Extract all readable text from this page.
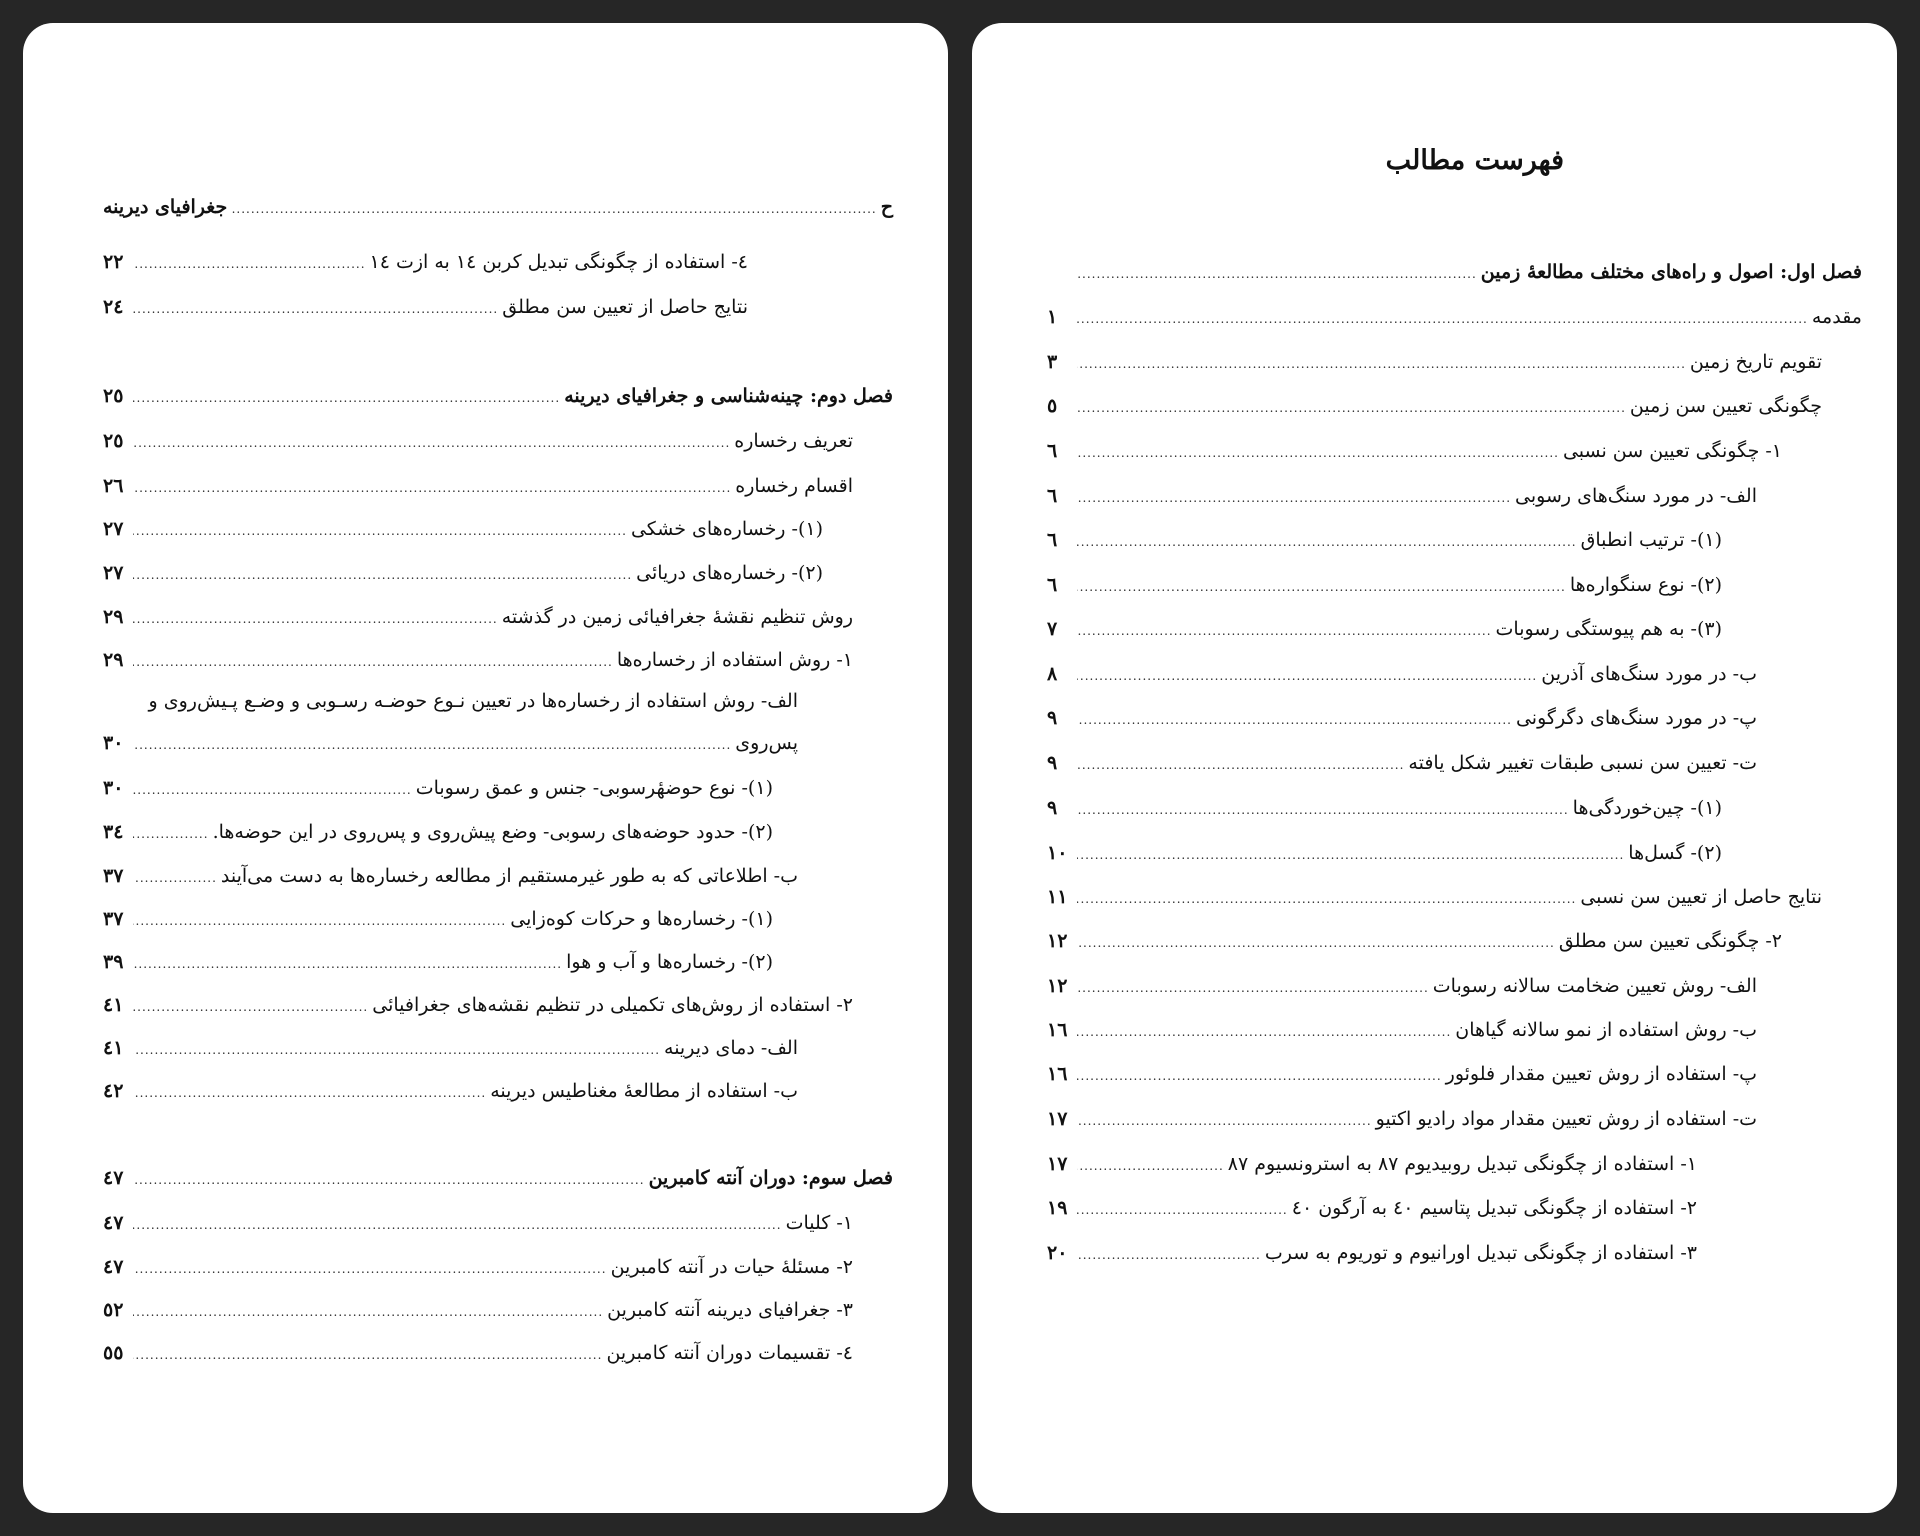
ح
.....
جغرافیای دیرینه
٤- استفاده از چگونگی تبدیل کربن ١٤ به ازت ١٤
.....
٢٢
نتایج حاصل از تعیین سن مطلق
.....
٢٤
فصل دوم: چینه‌شناسی و جغرافیای دیرینه
.....
٢٥
تعریف رخساره
.....
٢٥
اقسام رخساره
.....
٢٦
(١)- رخساره‌های خشکی
.....
٢٧
(٢)- رخساره‌های دریائی
.....
٢٧
روش تنظیم نقشهٔ جغرافیائی زمین در گذشته
.....
٢٩
١- روش استفاده از رخساره‌ها
.....
٢٩
الف- روش استفاده از رخساره‌ها در تعیین نـوع حوضـه رسـوبی و وضـع پـیش‌روی و
پس‌روی
.....
٣٠
(١)- نوع حوضهٔرسوبی- جنس و عمق رسوبات
.....
٣٠
(٢)- حدود حوضه‌های رسوبی- وضع پیش‌روی و پس‌روی در این حوضه‌ها.
.....
٣٤
ب- اطلاعاتی که به طور غیرمستقیم از مطالعه رخساره‌ها به دست می‌آیند
.....
٣٧
(١)- رخساره‌ها و حرکات کوه‌زایی
.....
٣٧
(٢)- رخساره‌ها و آب و هوا
.....
٣٩
٢- استفاده از روش‌های تکمیلی در تنظیم نقشه‌های جغرافیائی
.....
٤١
الف- دمای دیرینه
.....
٤١
ب- استفاده از مطالعهٔ مغناطیس دیرینه
.....
٤٢
فصل سوم: دوران آنته کامبرین
.....
٤٧
١- کلیات
.....
٤٧
٢- مسئلهٔ حیات در آنته کامبرین
.....
٤٧
٣- جغرافیای دیرینه آنته کامبرین
.....
٥٢
٤- تقسیمات دوران آنته کامبرین
.....
٥٥
فهرست مطالب
فصل اول: اصول و راه‌های مختلف مطالعهٔ زمین
.....
مقدمه
.....
١
تقویم تاریخ زمین
.....
٣
چگونگی تعیین سن زمین
.....
٥
١- چگونگی تعیین سن نسبی
.....
٦
الف- در مورد سنگ‌های رسوبی
.....
٦
(١)- ترتیب انطباق
.....
٦
(٢)- نوع سنگواره‌ها
.....
٦
(٣)- به هم پیوستگی رسوبات
.....
٧
ب- در مورد سنگ‌های آذرین
.....
٨
پ- در مورد سنگ‌های دگرگونی
.....
٩
ت- تعیین سن نسبی طبقات تغییر شکل یافته
.....
٩
(١)- چین‌خوردگی‌ها
.....
٩
(٢)- گسل‌ها
.....
١٠
نتایج حاصل از تعیین سن نسبی
.....
١١
٢- چگونگی تعیین سن مطلق
.....
١٢
الف- روش تعیین ضخامت سالانه رسوبات
.....
١٢
ب- روش استفاده از نمو سالانه گیاهان
.....
١٦
پ- استفاده از روش تعیین مقدار فلوئور
.....
١٦
ت- استفاده از روش تعیین مقدار مواد رادیو اکتیو
.....
١٧
١- استفاده از چگونگی تبدیل روبیدیوم ٨٧ به استرونسیوم ٨٧
.....
١٧
٢- استفاده از چگونگی تبدیل پتاسیم ٤٠ به آرگون ٤٠
.....
١٩
٣- استفاده از چگونگی تبدیل اورانیوم و توریوم به سرب
.....
٢٠
